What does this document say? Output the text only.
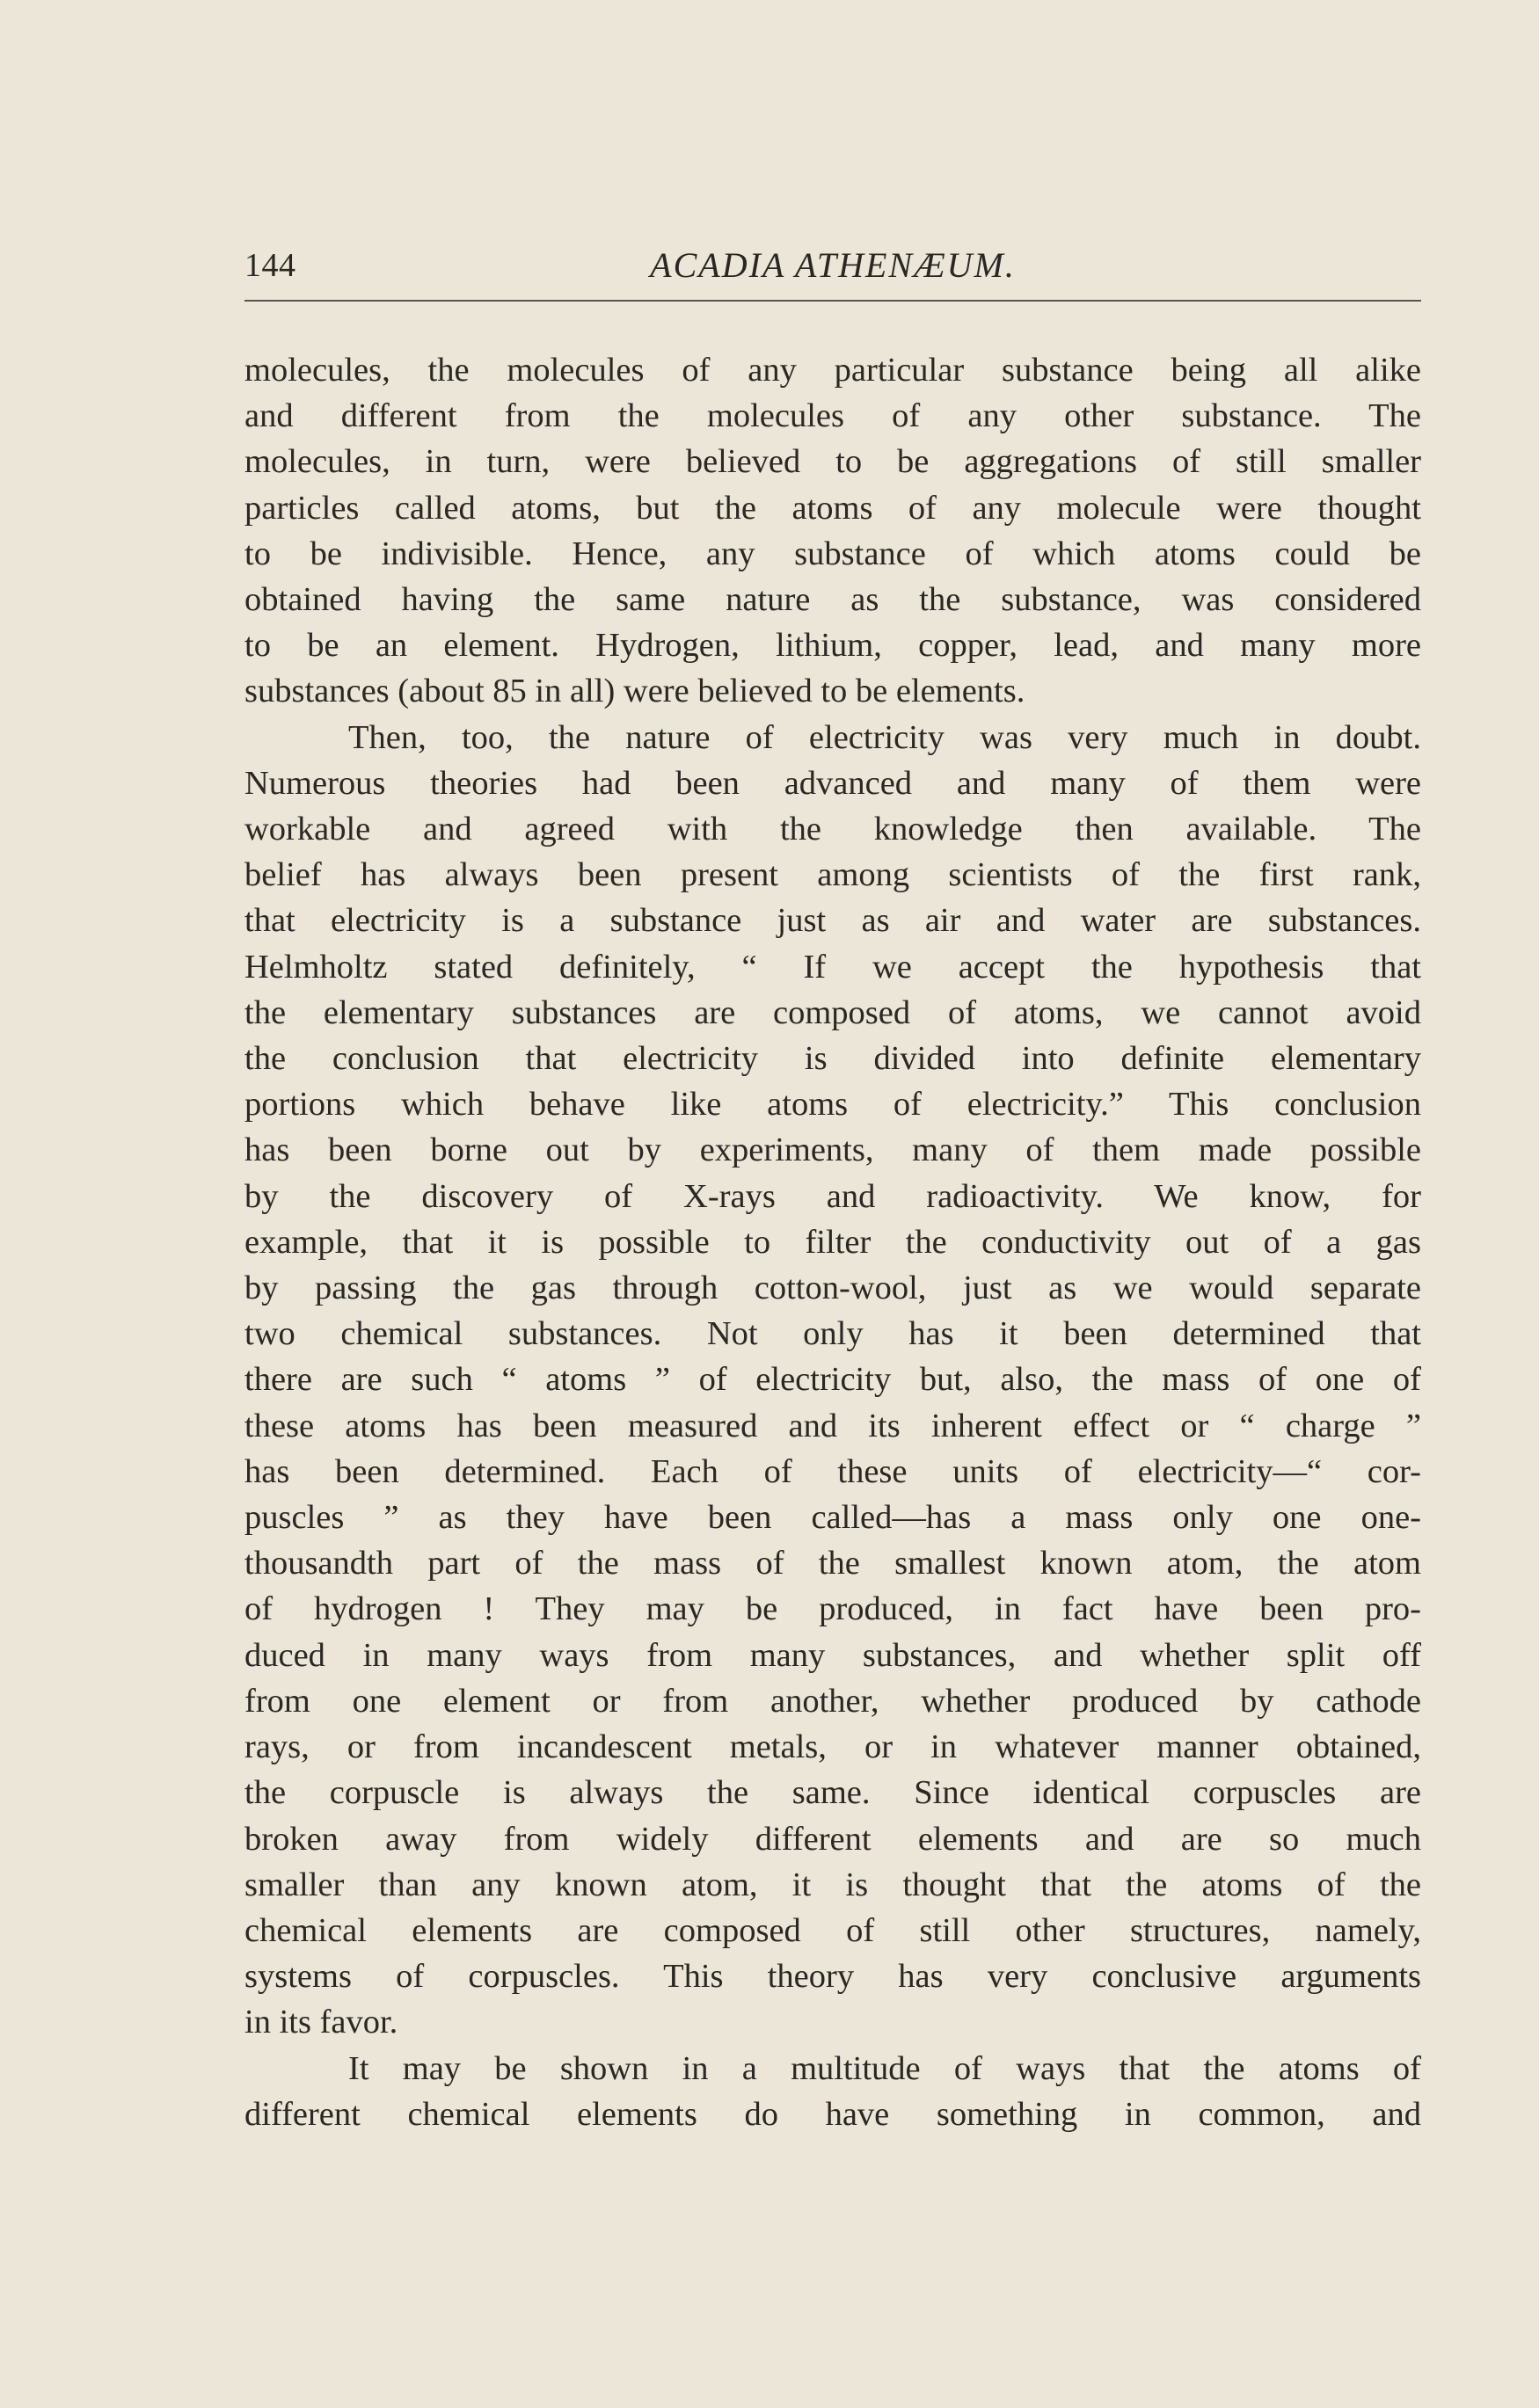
144	ACADIA ATHENÆUM.

molecules, the molecules of any particular substance being all alike
and different from the molecules of any other substance. The
molecules, in turn, were believed to be aggregations of still smaller
particles called atoms, but the atoms of any molecule were thought
to be indivisible. Hence, any substance of which atoms could be
obtained having the same nature as the substance, was considered
to be an element. Hydrogen, lithium, copper, lead, and many more
substances (about 85 in all) were believed to be elements.

Then, too, the nature of electricity was very much in doubt.
Numerous theories had been advanced and many of them were
workable and agreed with the knowledge then available. The
belief has always been present among scientists of the first rank,
that electricity is a substance just as air and water are substances.
Helmholtz stated definitely, “ If we accept the hypothesis that
the elementary substances are composed of atoms, we cannot avoid
the conclusion that electricity is divided into definite elementary
portions which behave like atoms of electricity.” This conclusion
has been borne out by experiments, many of them made possible
by the discovery of X-rays and radioactivity. We know, for
example, that it is possible to filter the conductivity out of a gas
by passing the gas through cotton-wool, just as we would separate
two chemical substances. Not only has it been determined that
there are such “ atoms ” of electricity but, also, the mass of one of
these atoms has been measured and its inherent effect or “ charge ”
has been determined. Each of these units of electricity—“ cor-
puscles ” as they have been called—has a mass only one one-
thousandth part of the mass of the smallest known atom, the atom
of hydrogen ! They may be produced, in fact have been pro-
duced in many ways from many substances, and whether split off
from one element or from another, whether produced by cathode
rays, or from incandescent metals, or in whatever manner obtained,
the corpuscle is always the same. Since identical corpuscles are
broken away from widely different elements and are so much
smaller than any known atom, it is thought that the atoms of the
chemical elements are composed of still other structures, namely,
systems of corpuscles. This theory has very conclusive arguments
in its favor.

It may be shown in a multitude of ways that the atoms of
different chemical elements do have something in common, and
